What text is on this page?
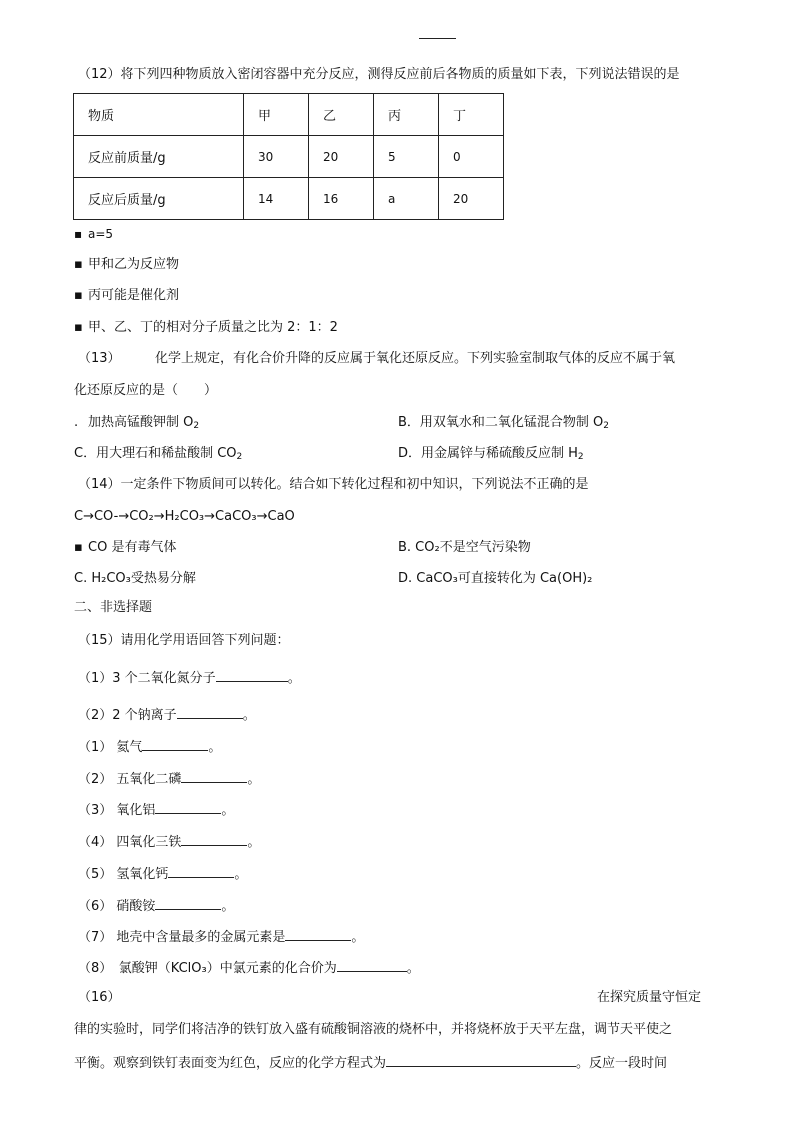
（12）将下列四种物质放入密闭容器中充分反应，测得反应前后各物质的质量如下表，下列说法错误的是
物质	甲	乙	丙	丁
反应前质量/g	30	20	5	0
反应后质量/g	14	16	a	20
▪ a=5
▪ 甲和乙为反应物
▪ 丙可能是催化剂
▪ 甲、乙、丁的相对分子质量之比为 2：1：2
（13）	化学上规定，有化合价升降的反应属于氧化还原反应。下列实验室制取气体的反应不属于氧
化还原反应的是（　　）
. 加热高锰酸钾制 $O_2$	B．用双氧水和二氧化锰混合物制 $O_2$
C．用大理石和稀盐酸制 $CO_2$	D．用金属锌与稀硫酸反应制 $H_2$
（14）一定条件下物质间可以转化。结合如下转化过程和初中知识，下列说法不正确的是
C→CO-→CO₂→H₂CO₃→CaCO₃→CaO
▪ CO 是有毒气体	B. CO₂不是空气污染物
C. H₂CO₃受热易分解	D. CaCO₃可直接转化为 Ca(OH)₂
二、非选择题
（15）请用化学用语回答下列问题：
（1）3 个二氧化氮分子	。
（2）2 个钠离子	。
（1） 氦气	。
（2） 五氧化二磷	。
（3） 氧化铝	。
（4） 四氧化三铁	。
（5） 氢氧化钙	。
（6） 硝酸铵	。
（7） 地壳中含量最多的金属元素是	。
（8）　氯酸钾（KClO₃）中氯元素的化合价为	。
（16）	在探究质量守恒定
律的实验时，同学们将洁净的铁钉放入盛有硫酸铜溶液的烧杯中，并将烧杯放于天平左盘，调节天平使之
平衡。观察到铁钉表面变为红色，反应的化学方程式为	。反应一段时间
